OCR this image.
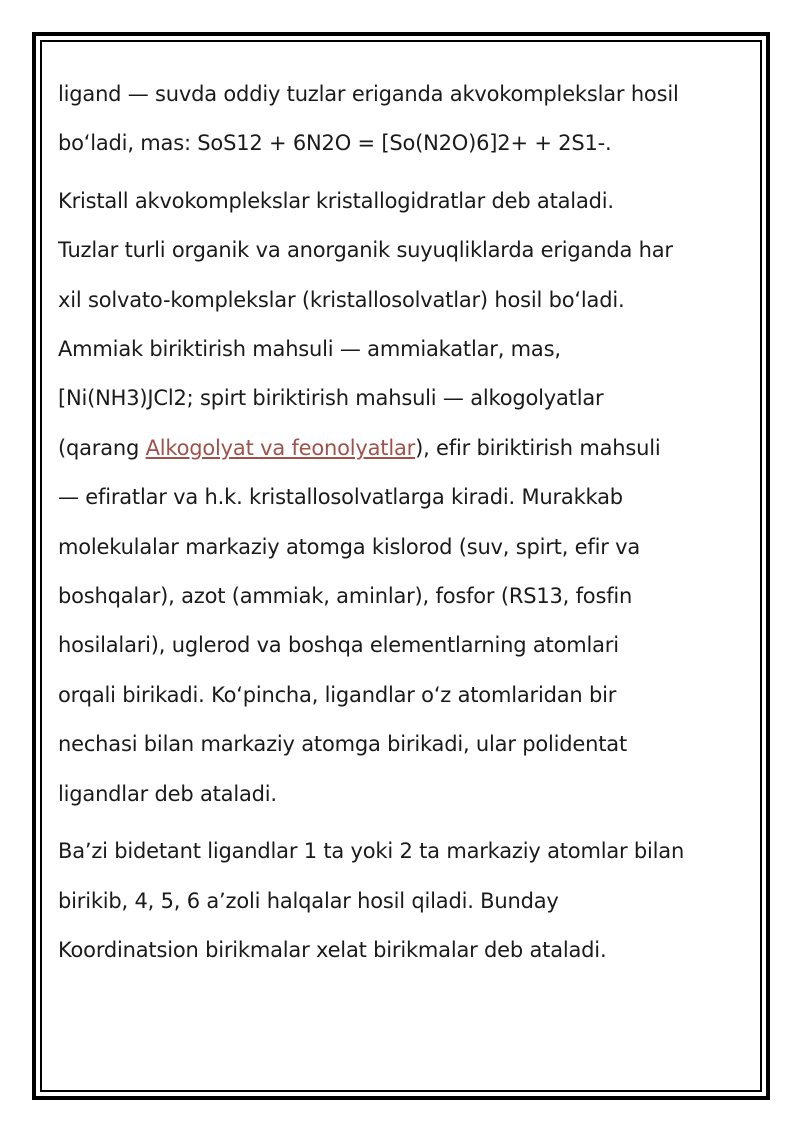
ligand — suvda oddiy tuzlar eriganda akvokomplekslar hosil
boʻladi, mas: SoS12 + 6N2O = [So(N2O)6]2+ + 2S1-.

Kristall akvokomplekslar kristallogidratlar deb ataladi.
Tuzlar turli organik va anorganik suyuqliklarda eriganda har
xil solvato-komplekslar (kristallosolvatlar) hosil boʻladi.
Ammiak biriktirish mahsuli — ammiakatlar, mas,
[Ni(NH3)JCl2; spirt biriktirish mahsuli — alkogolyatlar
(qarang Alkogolyat va feonolyatlar), efir biriktirish mahsuli
— efiratlar va h.k. kristallosolvatlarga kiradi. Murakkab
molekulalar markaziy atomga kislorod (suv, spirt, efir va
boshqalar), azot (ammiak, aminlar), fosfor (RS13, fosfin
hosilalari), uglerod va boshqa elementlarning atomlari
orqali birikadi. Koʻpincha, ligandlar oʻz atomlaridan bir
nechasi bilan markaziy atomga birikadi, ular polidentat
ligandlar deb ataladi.

Baʼzi bidetant ligandlar 1 ta yoki 2 ta markaziy atomlar bilan
birikib, 4, 5, 6 aʼzoli halqalar hosil qiladi. Bunday
Koordinatsion birikmalar xelat birikmalar deb ataladi.
